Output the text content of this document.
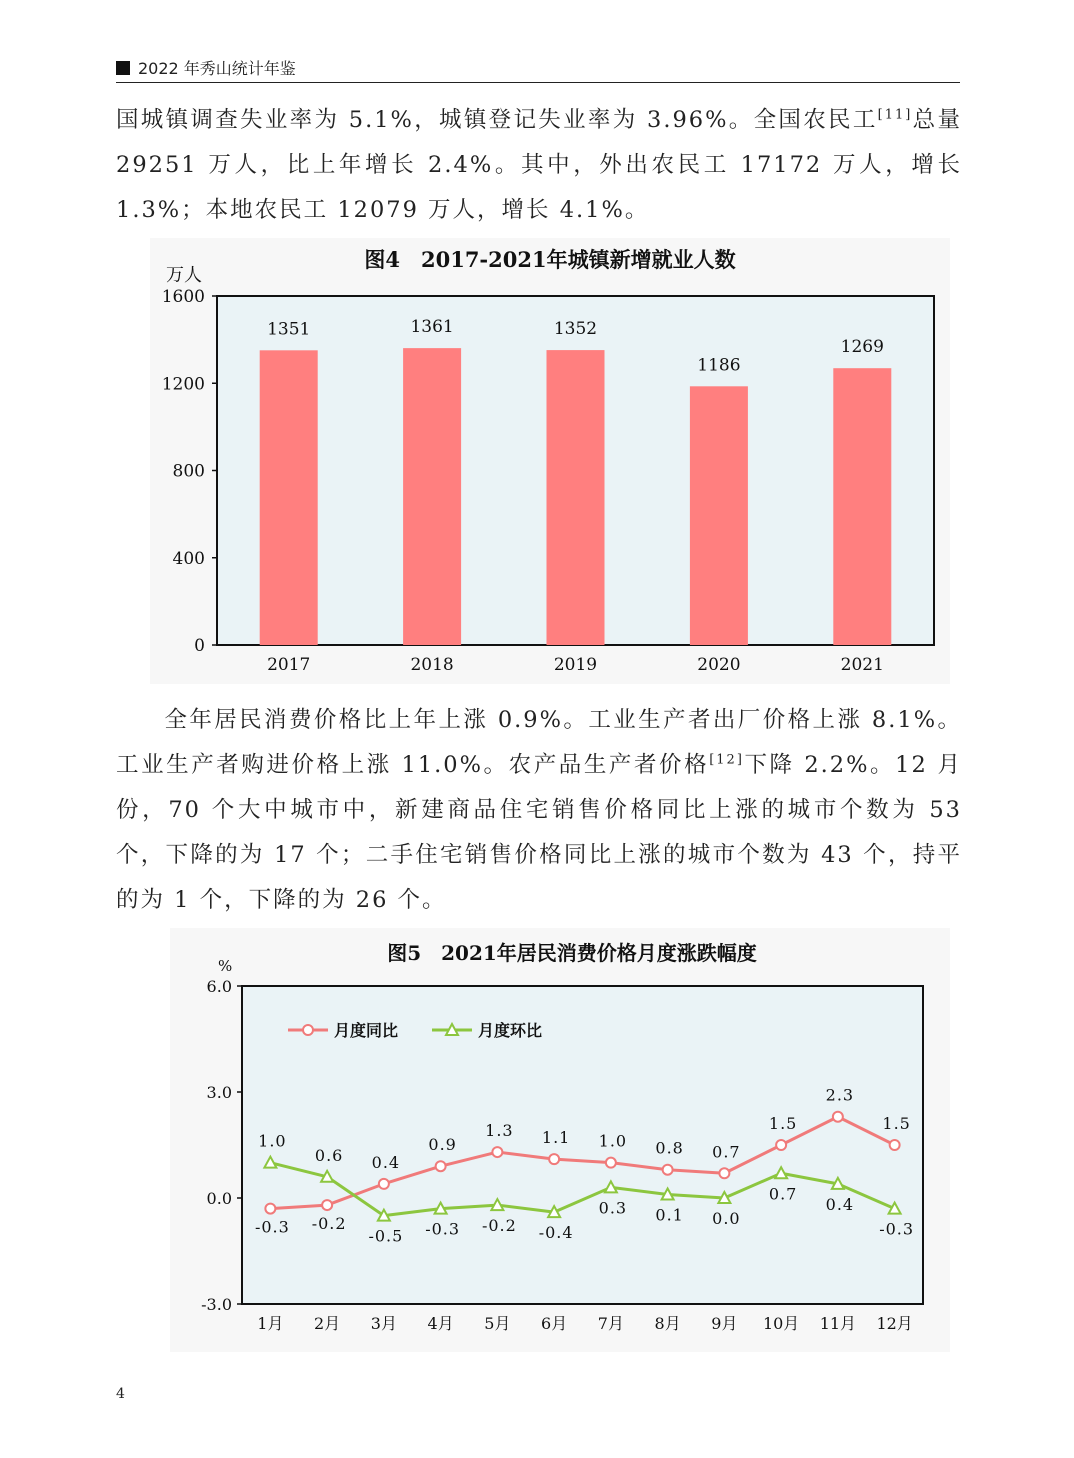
2022 年秀山统计年鉴

国城镇调查失业率为 5.1%，城镇登记失业率为 3.96%。全国农民工[11]总量 29251 万人，比上年增长 2.4%。其中，外出农民工 17172 万人，增长 1.3%；本地农民工 12079 万人，增长 4.1%。

图4　2017-2021年城镇新增就业人数
万人
0
400
800
1200
1600
1351
2017
1361
2018
1352
2019
1186
2020
1269
2021

全年居民消费价格比上年上涨 0.9%。工业生产者出厂价格上涨 8.1%。工业生产者购进价格上涨 11.0%。农产品生产者价格[12]下降 2.2%。12 月份，70 个大中城市中，新建商品住宅销售价格同比上涨的城市个数为 53 个，下降的为 17 个；二手住宅销售价格同比上涨的城市个数为 43 个，持平的为 1 个，下降的为 26 个。

图5　2021年居民消费价格月度涨跌幅度
%
-3.0
0.0
3.0
6.0
1月 2月 3月 4月 5月 6月 7月 8月 9月 10月 11月 12月
月度同比	月度环比
-0.3 -0.2
0.4
0.9
1.3 1.1 1.0 0.8 0.7
1.5
2.3
1.5
1.0
0.6
-0.5 -0.3 -0.2 -0.4
0.3 0.1 0.0
0.7
0.4
-0.3
4
